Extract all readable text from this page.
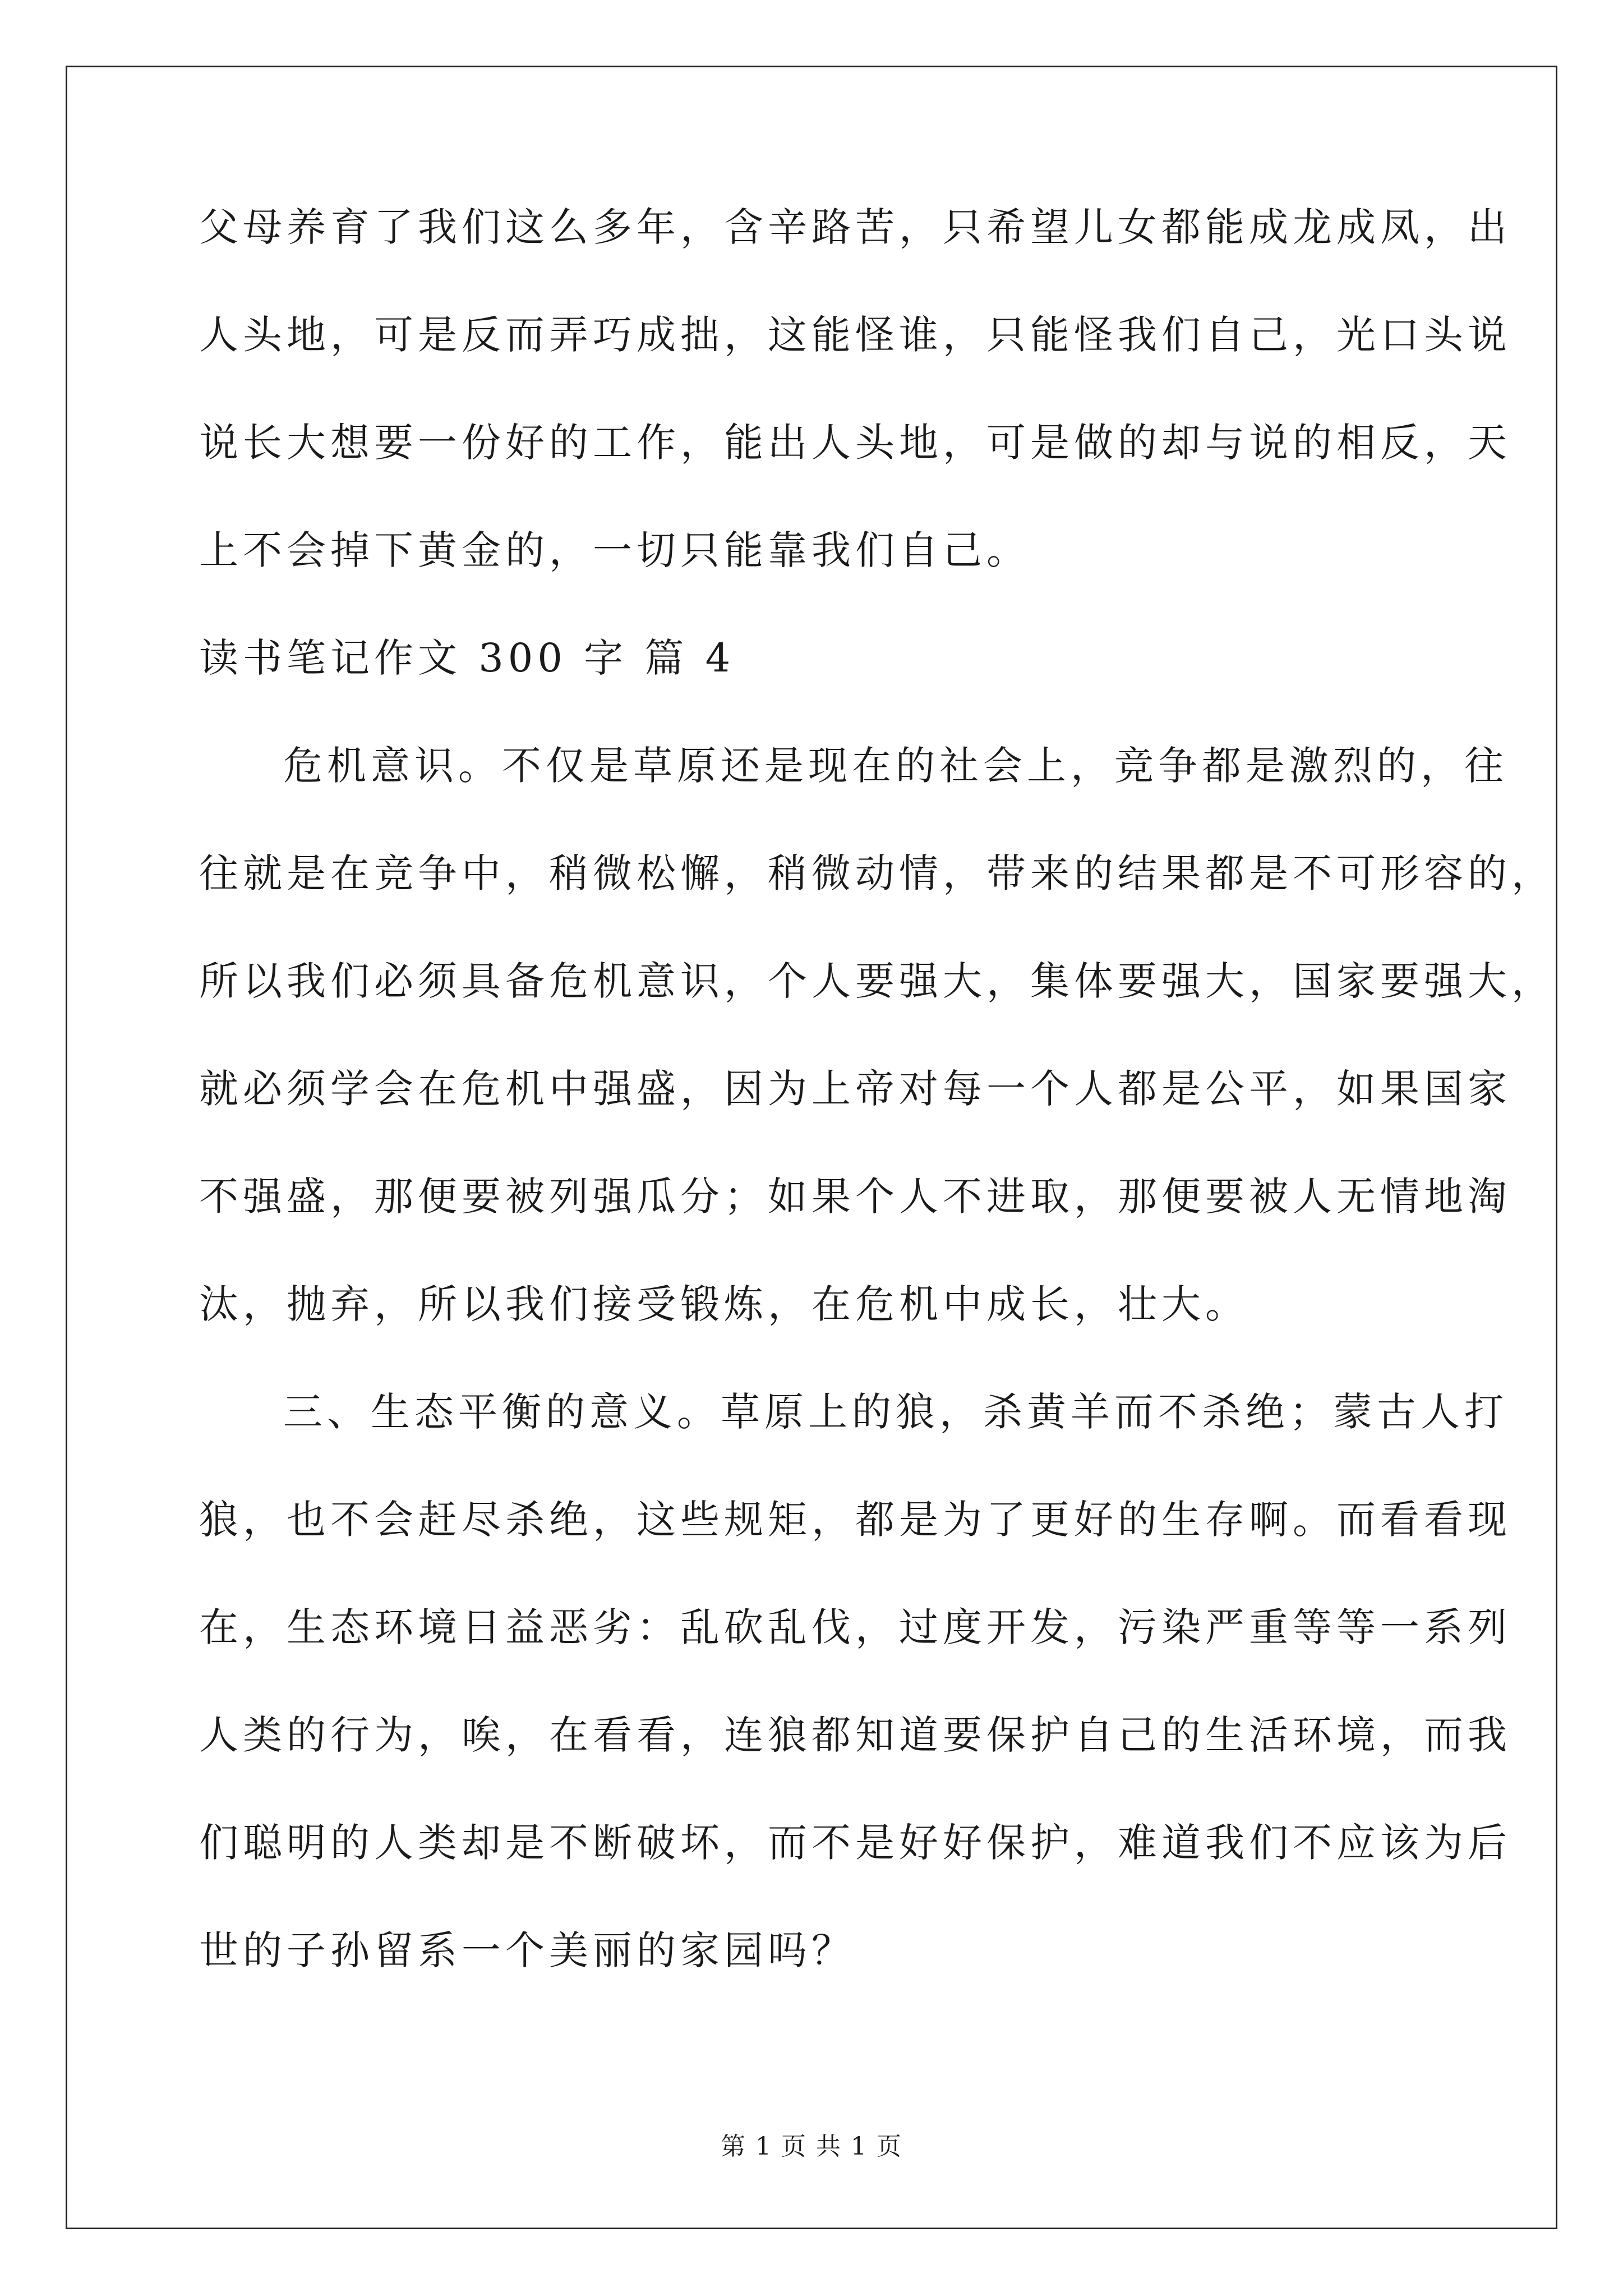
父母养育了我们这么多年，含辛路苦，只希望儿女都能成龙成凤，出
人头地，可是反而弄巧成拙，这能怪谁，只能怪我们自己，光口头说
说长大想要一份好的工作，能出人头地，可是做的却与说的相反，天
上不会掉下黄金的，一切只能靠我们自己。
读书笔记作文 300 字 篇 4
危机意识。不仅是草原还是现在的社会上，竞争都是激烈的，往
往就是在竞争中，稍微松懈，稍微动情，带来的结果都是不可形容的，
所以我们必须具备危机意识，个人要强大，集体要强大，国家要强大，
就必须学会在危机中强盛，因为上帝对每一个人都是公平，如果国家
不强盛，那便要被列强瓜分；如果个人不进取，那便要被人无情地淘
汰，抛弃，所以我们接受锻炼，在危机中成长，壮大。
三、生态平衡的意义。草原上的狼，杀黄羊而不杀绝；蒙古人打
狼，也不会赶尽杀绝，这些规矩，都是为了更好的生存啊。而看看现
在，生态环境日益恶劣：乱砍乱伐，过度开发，污染严重等等一系列
人类的行为，唉，在看看，连狼都知道要保护自己的生活环境，而我
们聪明的人类却是不断破坏，而不是好好保护，难道我们不应该为后
世的子孙留系一个美丽的家园吗？
第 1 页 共 1 页
